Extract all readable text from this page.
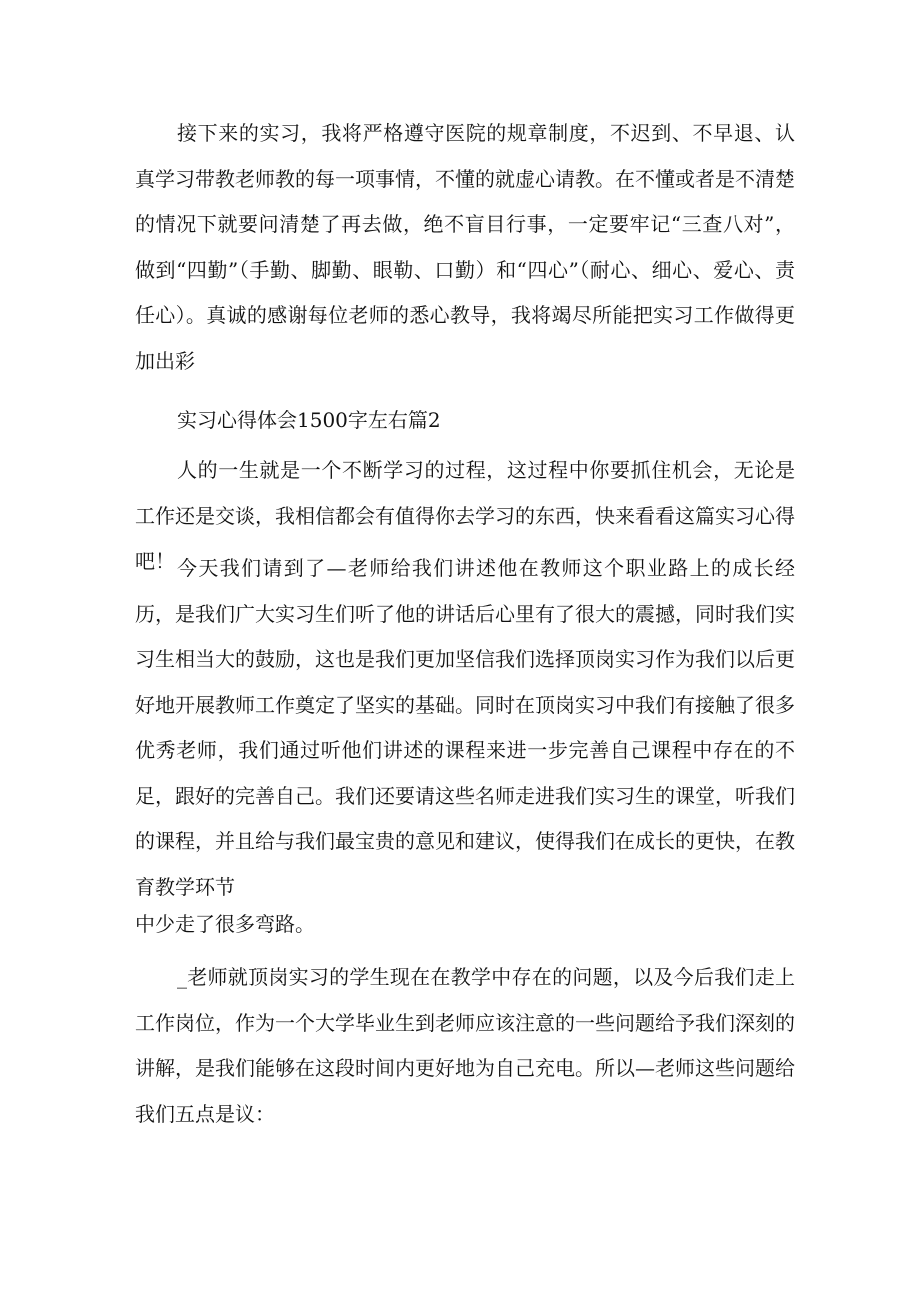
接下来的实习，我将严格遵守医院的规章制度，不迟到、不早退、认真学习带教老师教的每一项事情，不懂的就虚心请教。在不懂或者是不清楚的情况下就要问清楚了再去做，绝不盲目行事，一定要牢记“三查八对”，做到“四勤”（手勤、脚勤、眼勒、口勤）和“四心”（耐心、细心、爱心、责任心）。真诚的感谢每位老师的悉心教导，我将竭尽所能把实习工作做得更加出彩

实习心得体会1500字左右篇2

人的一生就是一个不断学习的过程，这过程中你要抓住机会，无论是工作还是交谈，我相信都会有值得你去学习的东西，快来看看这篇实习心得吧！ 今天我们请到了—老师给我们讲述他在教师这个职业路上的成长经历，是我们广大实习生们听了他的讲话后心里有了很大的震撼，同时我们实习生相当大的鼓励，这也是我们更加坚信我们选择顶岗实习作为我们以后更好地开展教师工作奠定了坚实的基础。同时在顶岗实习中我们有接触了很多优秀老师，我们通过听他们讲述的课程来进一步完善自己课程中存在的不足，跟好的完善自己。我们还要请这些名师走进我们实习生的课堂，听我们的课程，并且给与我们最宝贵的意见和建议，使得我们在成长的更快，在教育教学环节

中少走了很多弯路。

_老师就顶岗实习的学生现在在教学中存在的问题，以及今后我们走上工作岗位，作为一个大学毕业生到老师应该注意的一些问题给予我们深刻的讲解，是我们能够在这段时间内更好地为自己充电。所以—老师这些问题给我们五点是议：
